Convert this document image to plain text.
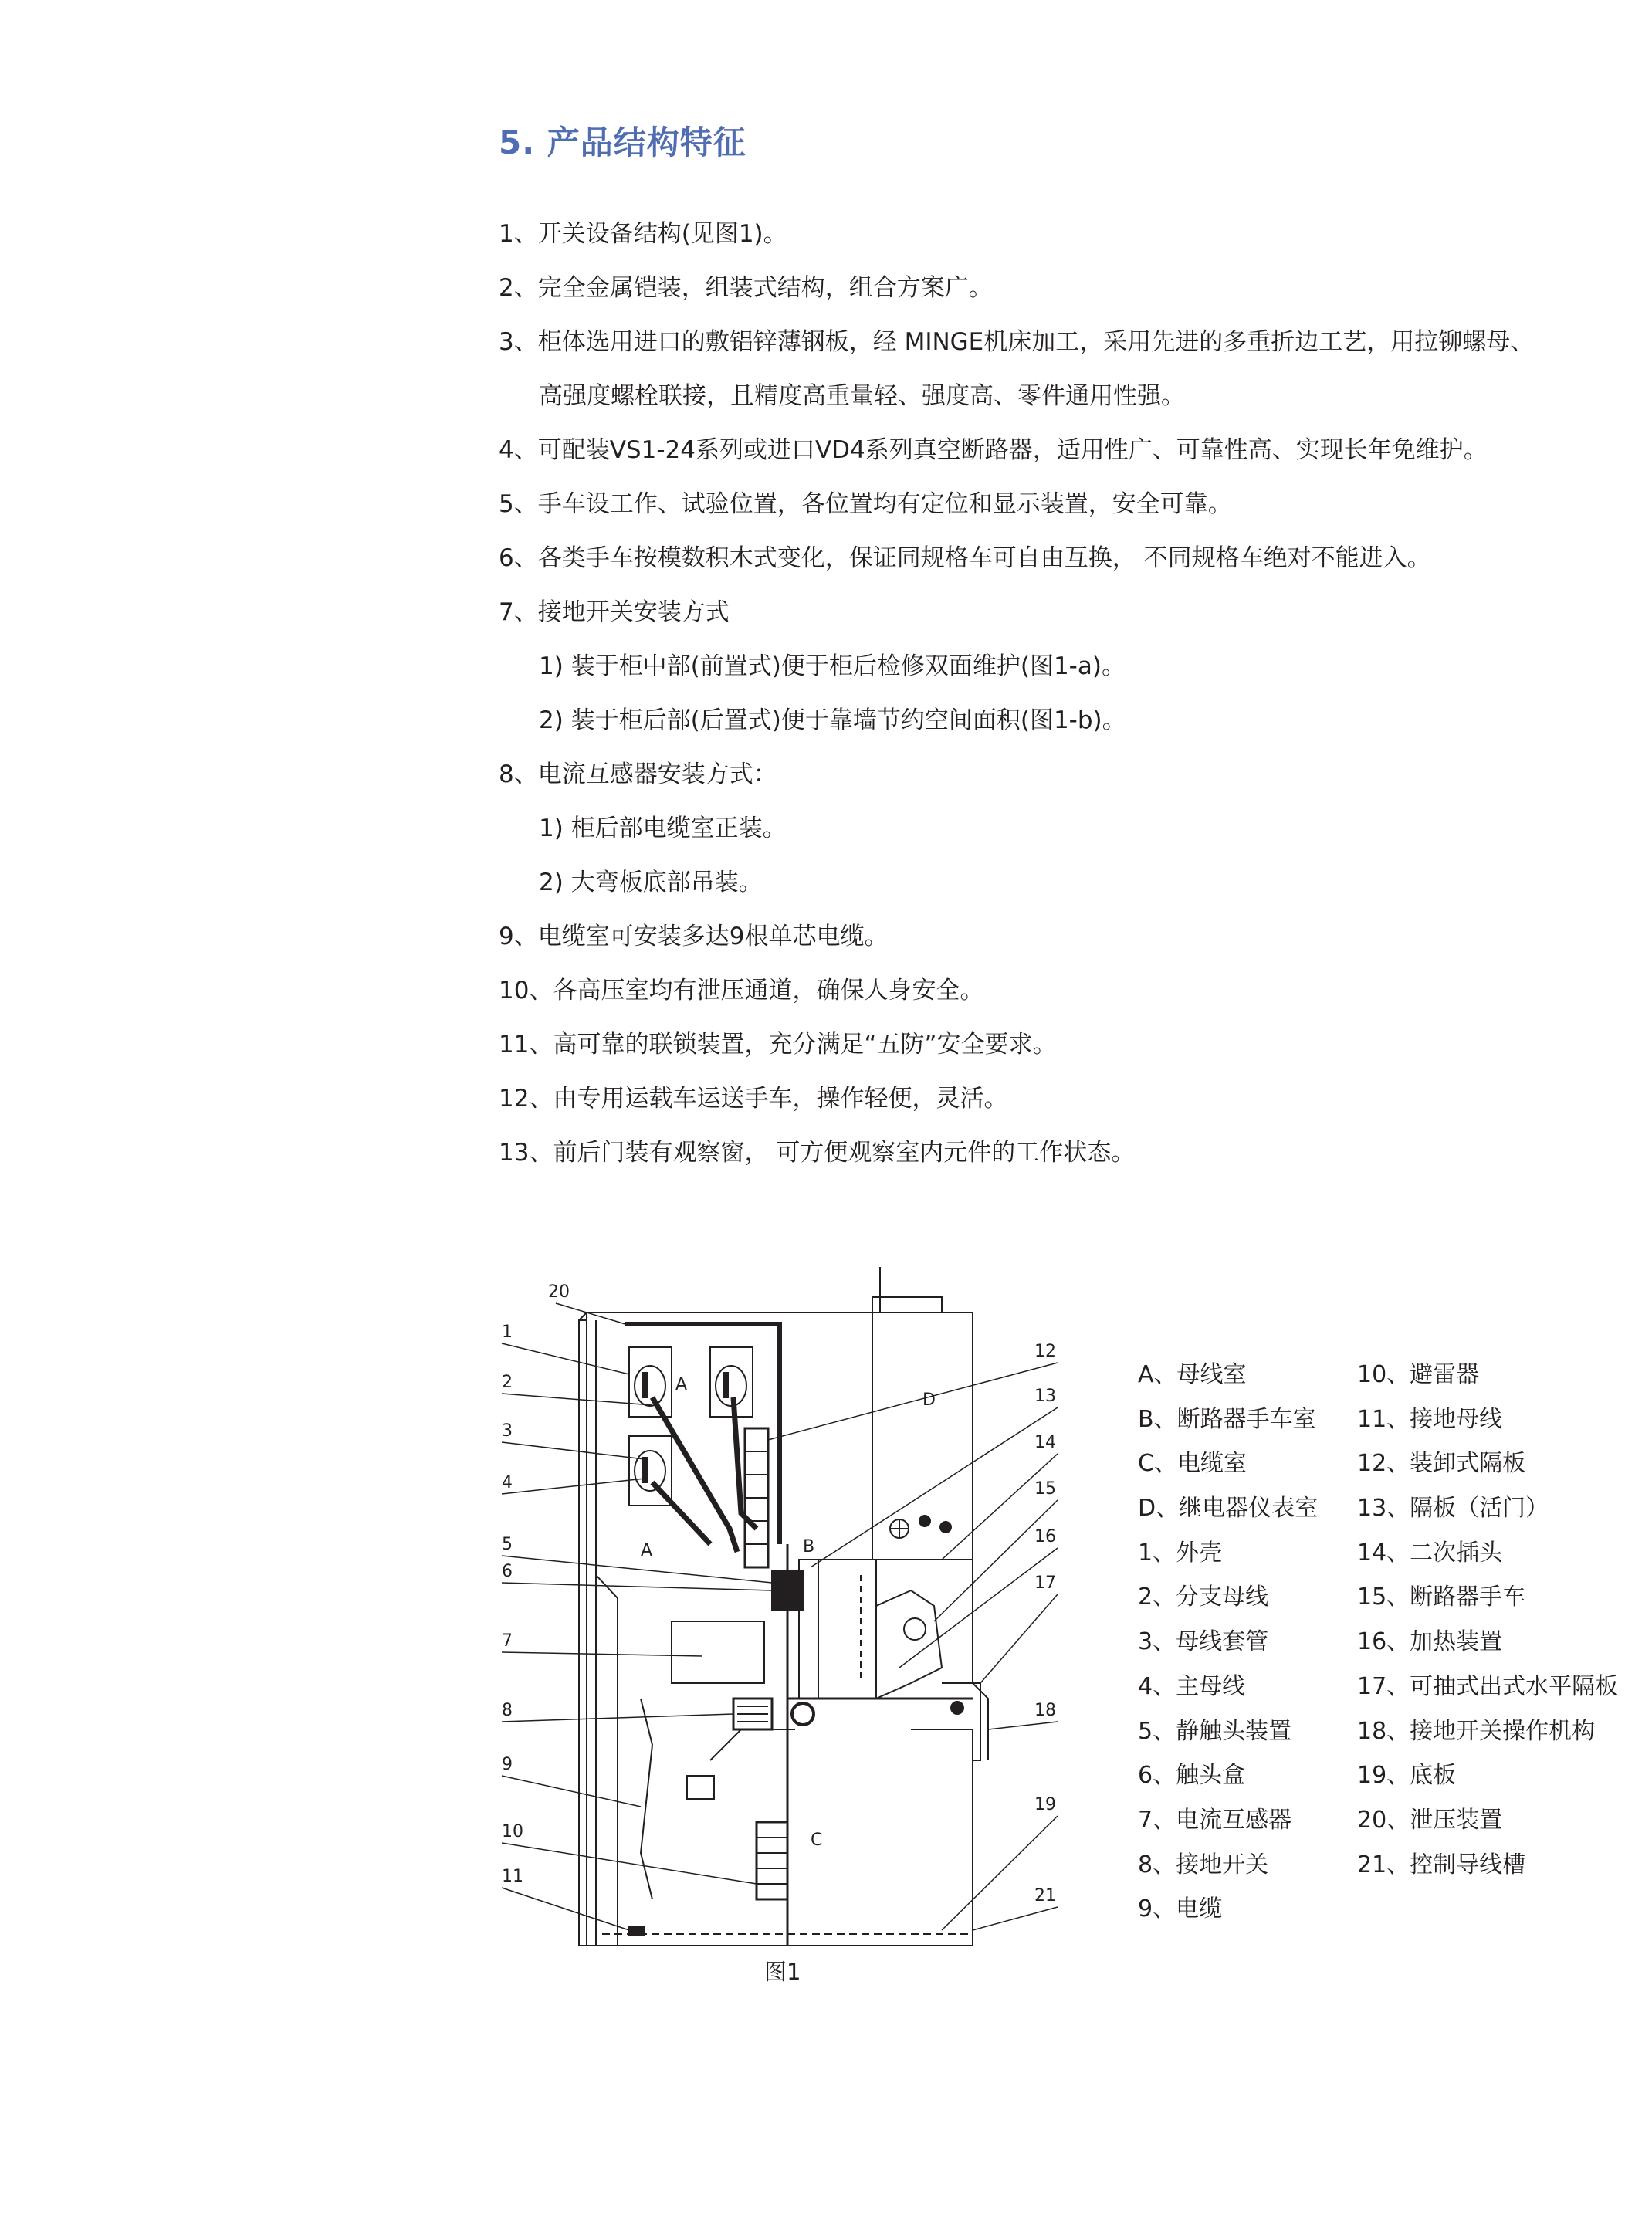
5. 产品结构特征
1、开关设备结构(见图1)。
2、完全金属铠装，组装式结构，组合方案广。
3、柜体选用进口的敷铝锌薄钢板，经 MINGE机床加工，采用先进的多重折边工艺，用拉铆螺母、
高强度螺栓联接，且精度高重量轻、强度高、零件通用性强。
4、可配装VS1-24系列或进口VD4系列真空断路器，适用性广、可靠性高、实现长年免维护。
5、手车设工作、试验位置，各位置均有定位和显示装置，安全可靠。
6、各类手车按模数积木式变化，保证同规格车可自由互换， 不同规格车绝对不能进入。
7、接地开关安装方式
1) 装于柜中部(前置式)便于柜后检修双面维护(图1-a)。
2) 装于柜后部(后置式)便于靠墙节约空间面积(图1-b)。
8、电流互感器安装方式：
1) 柜后部电缆室正装。
2) 大弯板底部吊装。
9、电缆室可安装多达9根单芯电缆。
10、各高压室均有泄压通道，确保人身安全。
11、高可靠的联锁装置，充分满足“五防”安全要求。
12、由专用运载车运送手车，操作轻便，灵活。
13、前后门装有观察窗， 可方便观察室内元件的工作状态。
1
2
3
4
5
6
7
8
9
10
11
20
12
13
14
15
16
17
18
19
21
A
A	B
C
D
图1
A、母线室
B、断路器手车室
C、电缆室
D、继电器仪表室
1、外壳
2、分支母线
3、母线套管
4、主母线
5、静触头装置
6、触头盒
7、电流互感器
8、接地开关
9、电缆
10、避雷器
11、接地母线
12、装卸式隔板
13、隔板（活门）
14、二次插头
15、断路器手车
16、加热装置
17、可抽式出式水平隔板
18、接地开关操作机构
19、底板
20、泄压装置
21、控制导线槽
